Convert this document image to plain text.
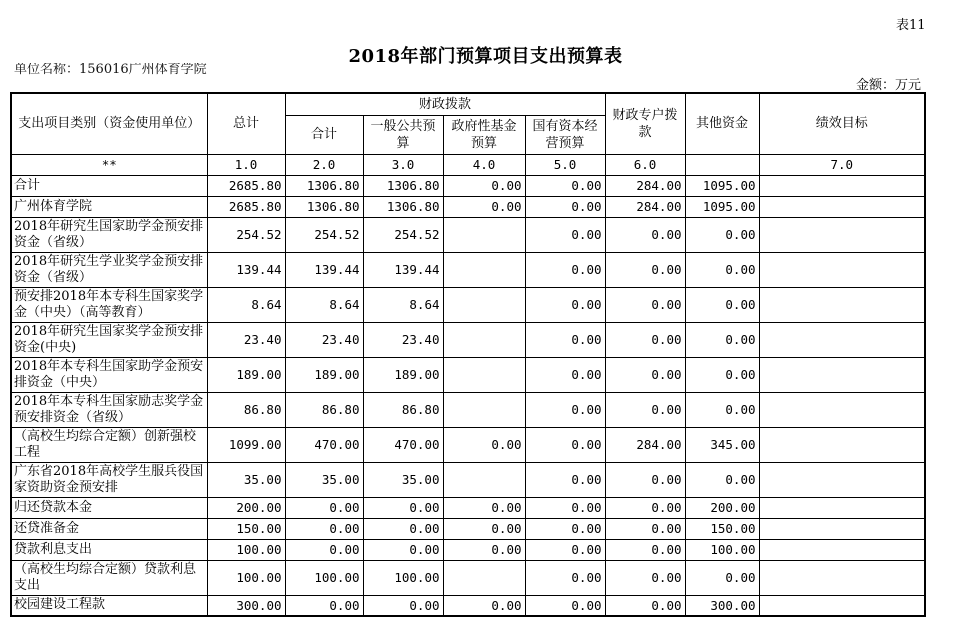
表11
2018年部门预算项目支出预算表
单位名称：156016广州体育学院
金额：万元
支出项目类别（资金使用单位）	总计	财政拨款				财政专户拨款	其他资金	绩效目标
		合计	一般公共预算	政府性基金预算	国有资本经营预算			
**	1.0	2.0	3.0	4.0	5.0	6.0		7.0
合计	2685.80	1306.80	1306.80	0.00	0.00	284.00	1095.00	
广州体育学院	2685.80	1306.80	1306.80	0.00	0.00	284.00	1095.00	
2018年研究生国家助学金预安排资金（省级）	254.52	254.52	254.52		0.00	0.00	0.00	
2018年研究生学业奖学金预安排资金（省级）	139.44	139.44	139.44		0.00	0.00	0.00	
预安排2018年本专科生国家奖学金（中央）（高等教育）	8.64	8.64	8.64		0.00	0.00	0.00	
2018年研究生国家奖学金预安排资金(中央)	23.40	23.40	23.40		0.00	0.00	0.00	
2018年本专科生国家助学金预安排资金（中央）	189.00	189.00	189.00		0.00	0.00	0.00	
2018年本专科生国家励志奖学金预安排资金（省级）	86.80	86.80	86.80		0.00	0.00	0.00	
（高校生均综合定额）创新强校工程	1099.00	470.00	470.00	0.00	0.00	284.00	345.00	
广东省2018年高校学生服兵役国家资助资金预安排	35.00	35.00	35.00		0.00	0.00	0.00	
归还贷款本金	200.00	0.00	0.00	0.00	0.00	0.00	200.00	
还贷准备金	150.00	0.00	0.00	0.00	0.00	0.00	150.00	
贷款利息支出	100.00	0.00	0.00	0.00	0.00	0.00	100.00	
（高校生均综合定额）贷款利息支出	100.00	100.00	100.00		0.00	0.00	0.00	
校园建设工程款	300.00	0.00	0.00	0.00	0.00	0.00	300.00	
